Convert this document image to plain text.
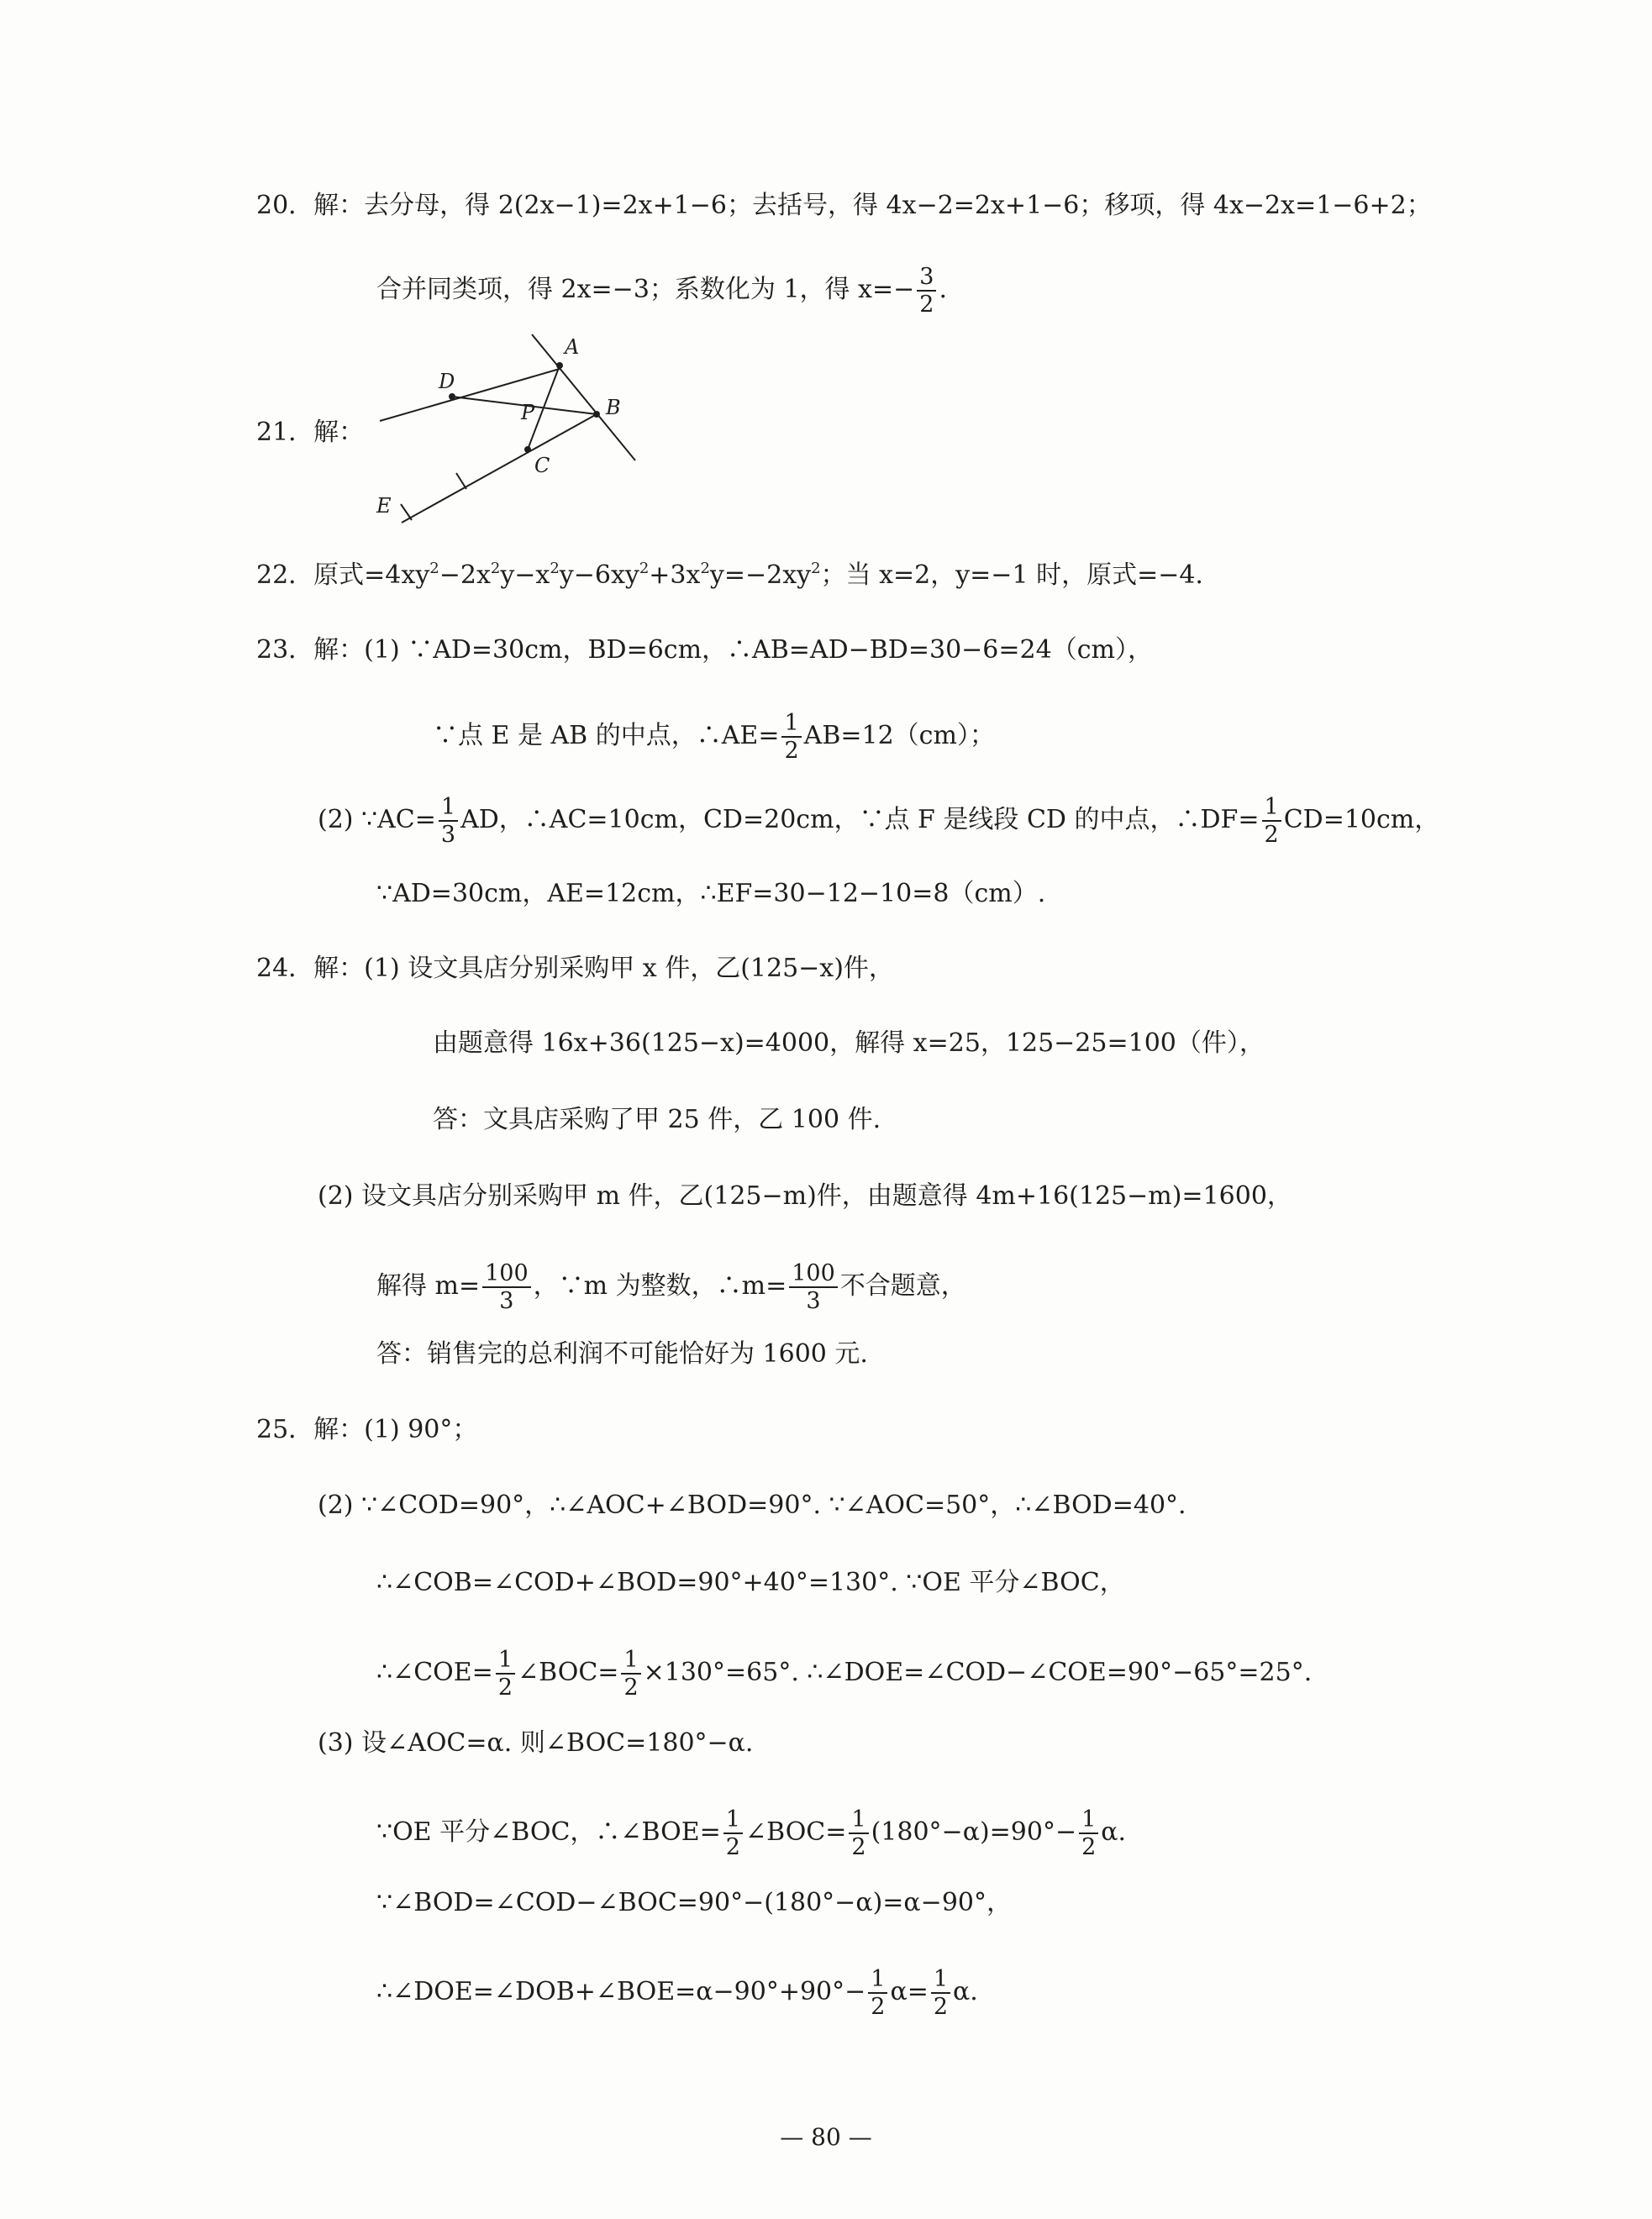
20．解：去分母，得 2(2x−1)=2x+1−6；去括号，得 4x−2=2x+1−6；移项，得 4x−2x=1−6+2；
合并同类项，得 2x=−3；系数化为 1，得 $x=- \frac{3}{2}$ .
21．解：
A
B
C
D
E
P
22．原式$=4xy^2-2x^2y-x^2y-6xy^2+3x^2y=-2xy^2$；当 x=2，y=−1 时，原式=−4.
23．解：(1) ∵AD=30cm，BD=6cm，∴AB=AD−BD=30−6=24（cm），
∵点 E 是 AB 的中点，∴AE= $\frac{1}{2} AB=12(cm)$；
(2) ∵AC= $\frac{1}{3}$ AD，∴AC=10cm，CD=20cm，∵点 F 是线段 CD 的中点，∴DF= $\frac{1}{2} CD=10cm$，
∵AD=30cm，AE=12cm，∴EF=30−12−10=8（cm）.
24．解：(1) 设文具店分别采购甲 x 件，乙(125−x)件，
由题意得 16x+36(125−x)=4000，解得 x=25，125−25=100（件），
答：文具店采购了甲 25 件，乙 100 件.
(2) 设文具店分别采购甲 m 件，乙(125−m)件，由题意得 4m+16(125−m)=1600，
解得 $m= \frac{100}{3}$ ，∵m 为整数，∴m= $\frac{100}{3}$ 不合题意，
答：销售完的总利润不可能恰好为 1600 元.
25．解：(1) 90°；
(2) ∵∠COD=90°，∴∠AOC+∠BOD=90°. ∵∠AOC=50°，∴∠BOD=40°.
∴∠COB=∠COD+∠BOD=90°+40°=130°. ∵OE 平分∠BOC，
∴∠COE= $\frac{1}{2}$ ∠BOC= $\frac{1}{2} \times 130^\circ=65^\circ$. ∴∠DOE=∠COD−∠COE=90°−65°=25°.
(3) 设∠AOC=α. 则∠BOC=180°−α.
∵OE 平分∠BOC，∴∠BOE= $\frac{1}{2}$ ∠BOC= $\frac{1}{2} (180^\circ-\alpha)=90^\circ- \frac{1}{2} \alpha$.
∵∠BOD=∠COD−∠BOC=90°−(180°−α)=α−90°，
∴∠DOE=∠DOB+∠BOE=α−90°+90°− $\frac{1}{2} \alpha= \frac{1}{2} \alpha$.
— 80 —
